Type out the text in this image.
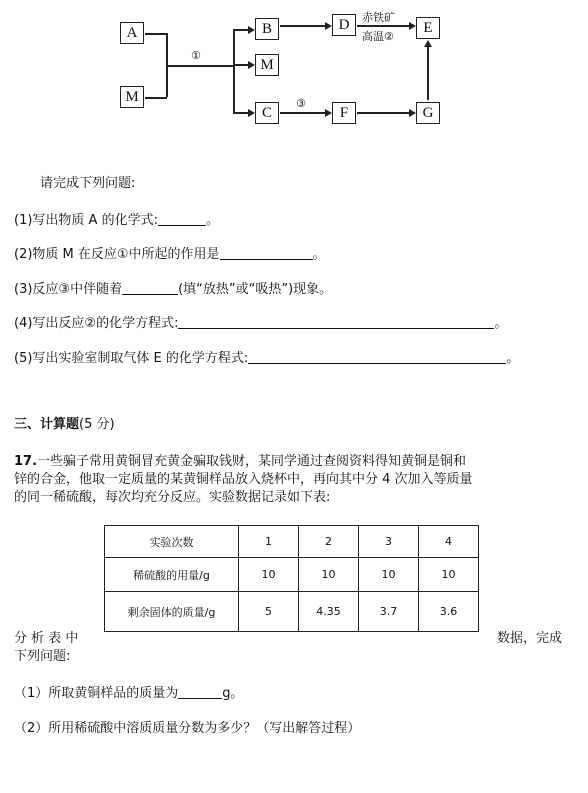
A
M
B
M
C
D	E
F	G
①
赤铁矿
高温②
③
请完成下列问题:
(1)写出物质 A 的化学式:	。
(2)物质 M 在反应①中所起的作用是	。
(3)反应③中伴随着	(填“放热”或“吸热”)现象。
(4)写出反应②的化学方程式:	。
(5)写出实验室制取气体 E 的化学方程式:	。
三、计算题(5 分)
17.一些骗子常用黄铜冒充黄金骗取钱财，某同学通过查阅资料得知黄铜是铜和
锌的合金，他取一定质量的某黄铜样品放入烧杯中，再向其中分 4 次加入等质量
的同一稀硫酸，每次均充分反应。实验数据记录如下表:
实验次数	1	2	3	4
稀硫酸的用量/g	10	10	10	10
剩余固体的质量/g	5	4.35	3.7	3.6
分 析 表 中	数据，完成
下列问题:
（1）所取黄铜样品的质量为	g。
（2）所用稀硫酸中溶质质量分数为多少？（写出解答过程）
